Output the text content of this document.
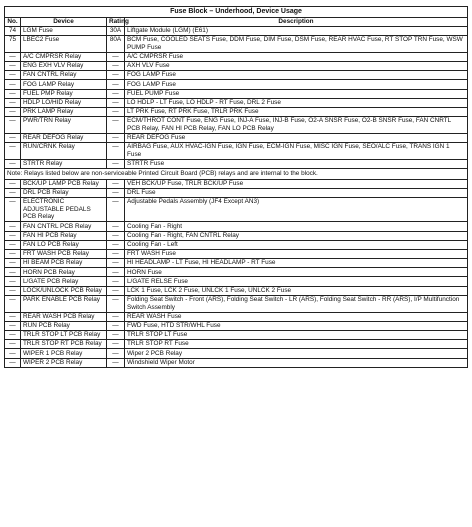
Fuse Block – Underhood, Device Usage			
No.	Device	Rating	Description
74	LGM Fuse	30A	Liftgate Module (LGM) (E61)
75	LBEC2 Fuse	80A	BCM Fuse, COOLED SEATS Fuse, DDM Fuse, DIM Fuse, DSM Fuse, REAR HVAC Fuse, RT STOP TRN Fuse, WSW PUMP Fuse
—	A/C CMPRSR Relay	—	A/C CMPRSR Fuse
—	ENG EXH VLV Relay	—	AXH VLV Fuse
—	FAN CNTRL Relay	—	FOG LAMP Fuse
—	FOG LAMP Relay	—	FOG LAMP Fuse
—	FUEL PMP Relay	—	FUEL PUMP Fuse
—	HDLP LO/HID Relay	—	LO HDLP - LT Fuse, LO HDLP - RT Fuse, DRL 2 Fuse
—	PRK LAMP Relay	—	LT PRK Fuse, RT PRK Fuse, TRLR PRK Fuse
—	PWR/TRN Relay	—	ECM/THROT CONT Fuse, ENG Fuse, INJ-A Fuse, INJ-B Fuse, O2-A SNSR Fuse, O2-B SNSR Fuse, FAN CNRTL PCB Relay, FAN HI PCB Relay, FAN LO PCB Relay
—	REAR DEFOG Relay	—	REAR DEFOG Fuse
—	RUN/CRNK Relay	—	AIRBAG Fuse, AUX HVAC-IGN Fuse, IGN Fuse, ECM-IGN Fuse, MISC IGN Fuse, SEO/ALC Fuse, TRANS IGN 1 Fuse
—	STRTR Relay	—	STRTR Fuse
Note: Relays listed below are non-serviceable Printed Circuit Board (PCB) relays and are internal to the block.			
—	BCK/UP LAMP PCB Relay	—	VEH BCK/UP Fuse, TRLR BCK/UP Fuse
—	DRL PCB Relay	—	DRL Fuse
—	ELECTRONIC ADJUSTABLE PEDALS PCB Relay	—	Adjustable Pedals Assembly (JF4 Except AN3)
—	FAN CNTRL PCB Relay	—	Cooling Fan - Right
—	FAN HI PCB Relay	—	Cooling Fan - Right, FAN CNTRL Relay
—	FAN LO PCB Relay	—	Cooling Fan - Left
—	FRT WASH PCB Relay	—	FRT WASH Fuse
—	HI BEAM PCB Relay	—	HI HEADLAMP - LT Fuse, HI HEADLAMP - RT Fuse
—	HORN PCB Relay	—	HORN Fuse
—	L/GATE PCB Relay	—	L/GATE RELSE Fuse
—	LOCK/UNLOCK PCB Relay	—	LCK 1 Fuse, LCK 2 Fuse, UNLCK 1 Fuse, UNLCK 2 Fuse
—	PARK ENABLE PCB Relay	—	Folding Seat Switch - Front (ARS), Folding Seat Switch - LR (ARS), Folding Seat Switch - RR (ARS), I/P Multifunction Switch Assembly
—	REAR WASH PCB Relay	—	REAR WASH Fuse
—	RUN PCB Relay	—	FWD Fuse, HTD STR/WHL Fuse
—	TRLR STOP LT PCB Relay	—	TRLR STOP LT Fuse
—	TRLR STOP RT PCB Relay	—	TRLR STOP RT Fuse
—	WIPER 1 PCB Relay	—	Wiper 2 PCB Relay
—	WIPER 2 PCB Relay	—	Windshield Wiper Motor
